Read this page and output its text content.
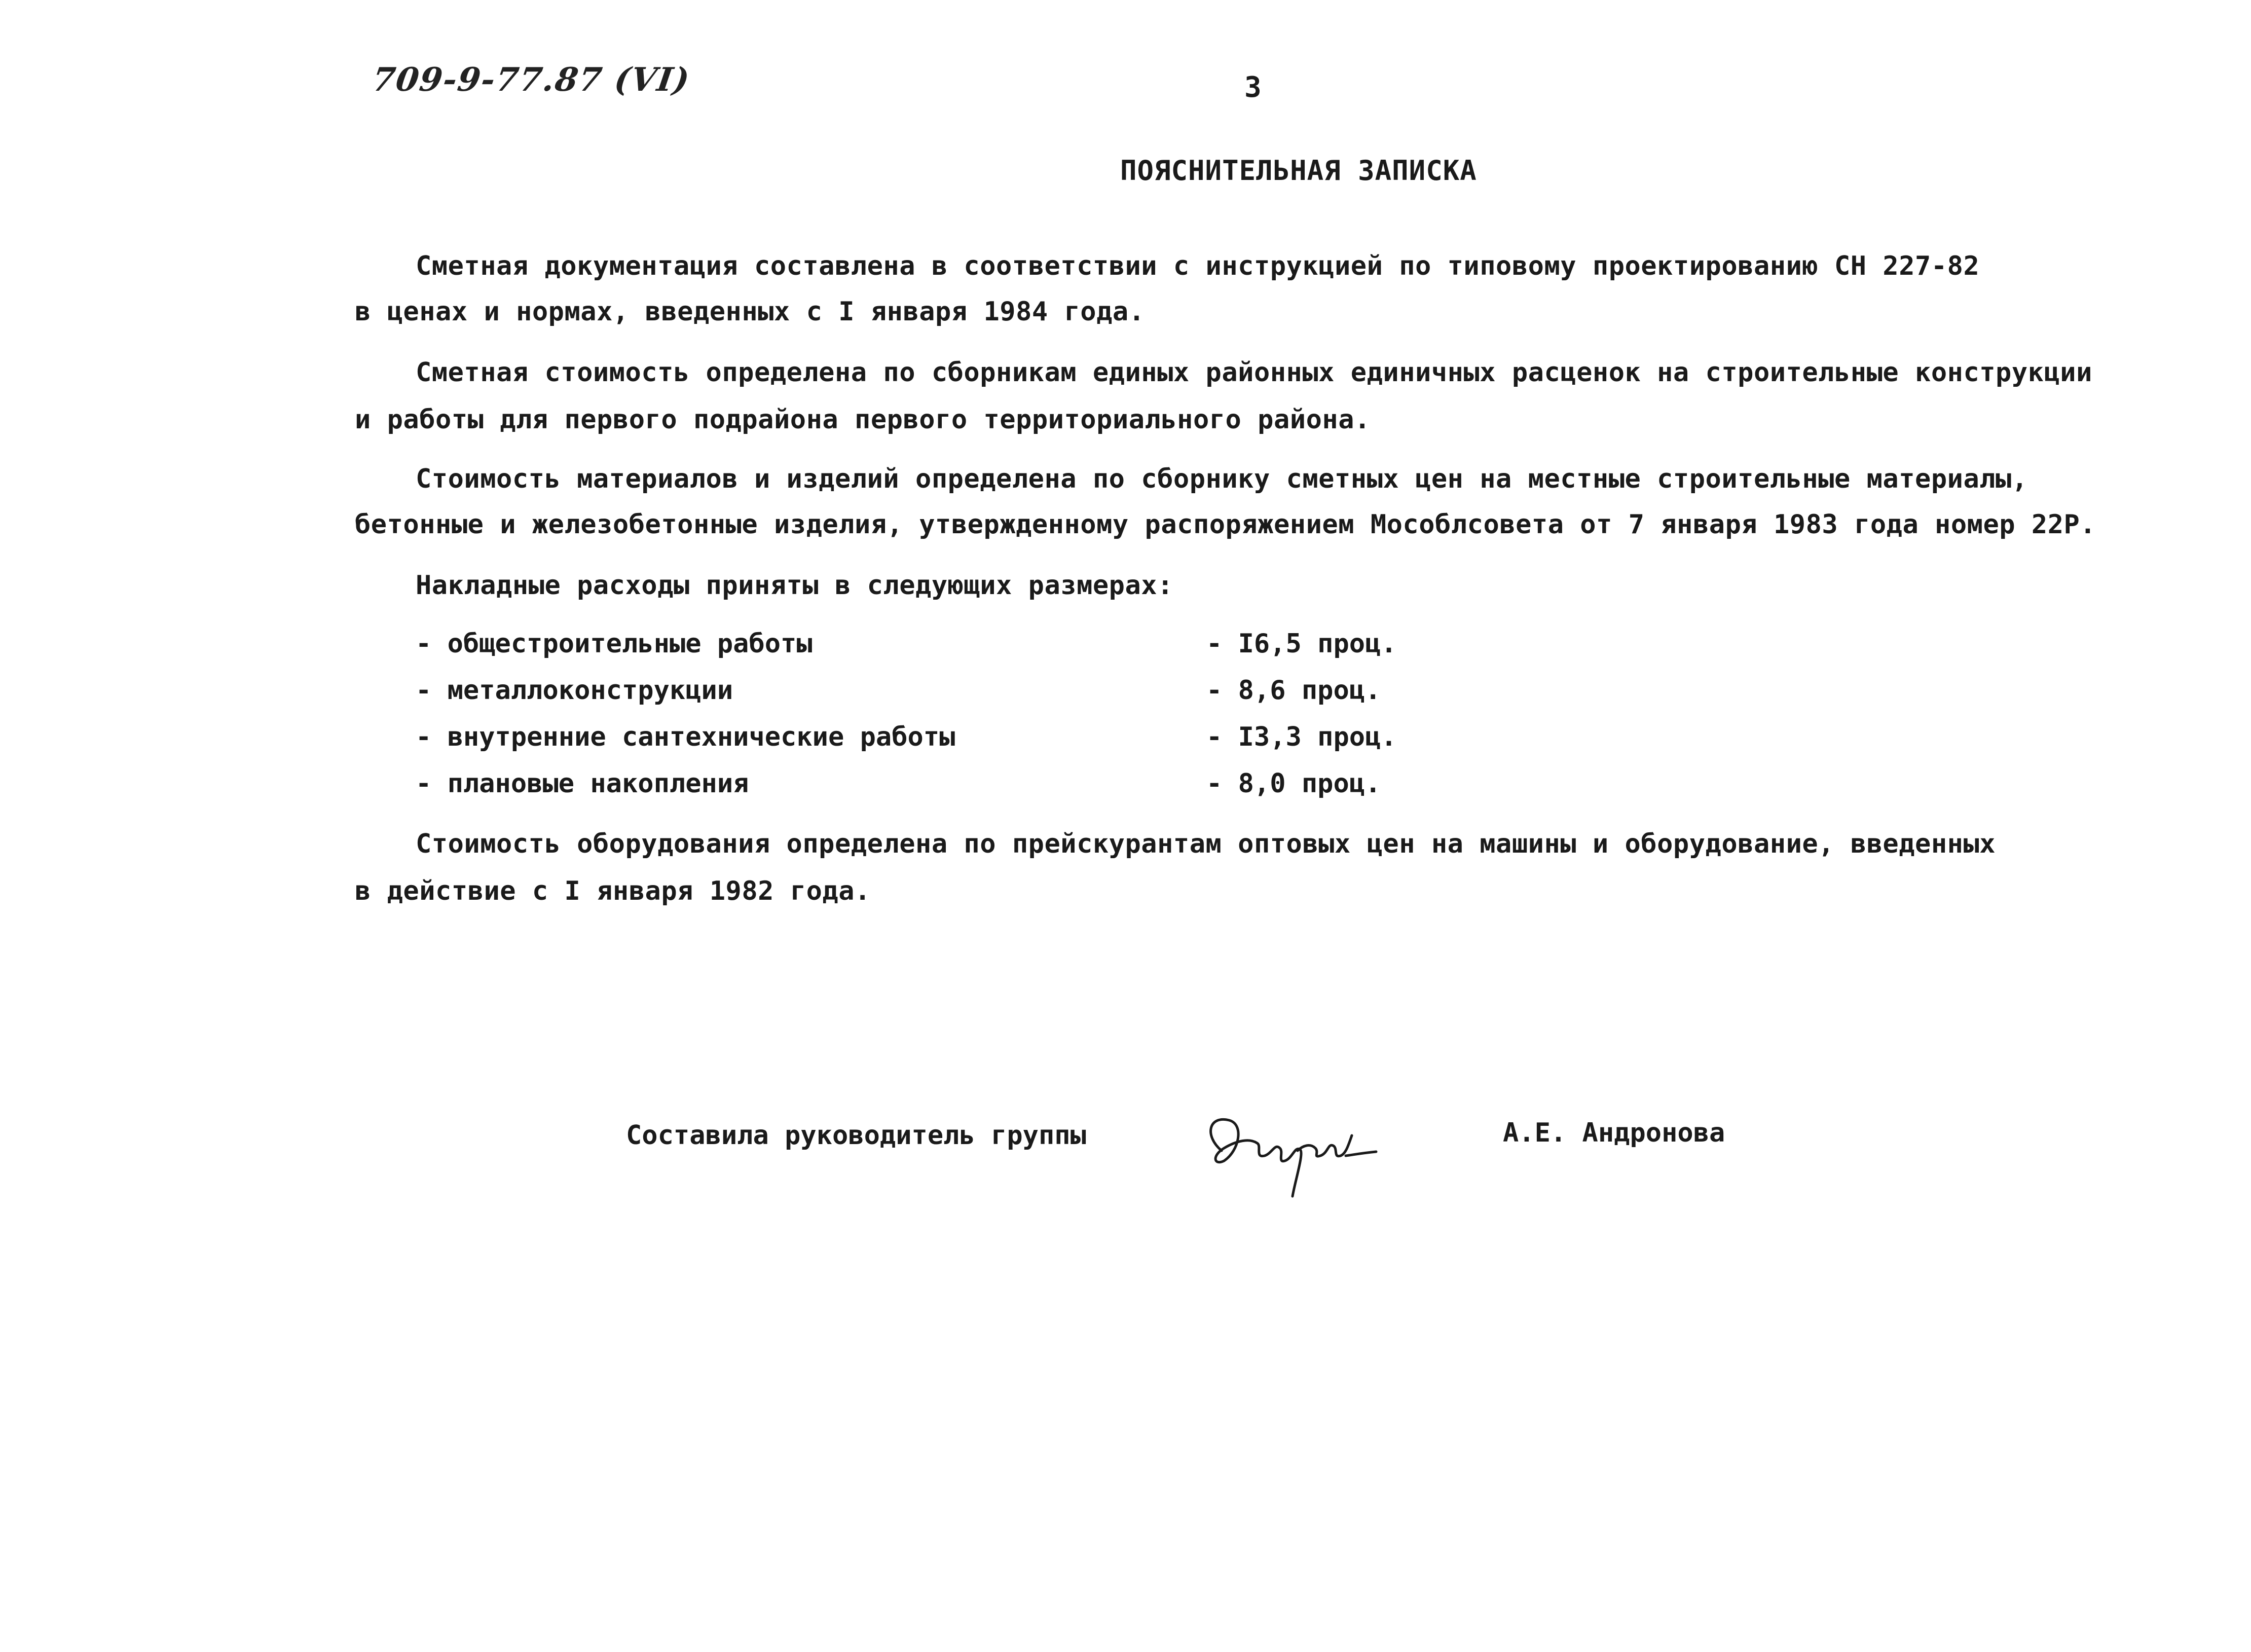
709-9-77.87 (VI)	3
ПОЯСНИТЕЛЬНАЯ ЗАПИСКА
Сметная документация составлена в соответствии с инструкцией по типовому проектированию СН 227-82
в ценах и нормах, введенных с I января 1984 года.
Сметная стоимость определена по сборникам единых районных единичных расценок на строительные конструкции
и работы для первого подрайона первого территориального района.
Стоимость материалов и изделий определена по сборнику сметных цен на местные строительные материалы,
бетонные и железобетонные изделия, утвержденному распоряжением Мособлсовета от 7 января 1983 года номер 22Р.
Накладные расходы приняты в следующих размерах:
- общестроительные работы	- I6,5 проц.
- металлоконструкции	- 8,6 проц.
- внутренние сантехнические работы	- I3,3 проц.
- плановые накопления	- 8,0 проц.
Стоимость оборудования определена по прейскурантам оптовых цен на машины и оборудование, введенных
в действие с I января 1982 года.
Составила руководитель группы	А.Е. Андронова
